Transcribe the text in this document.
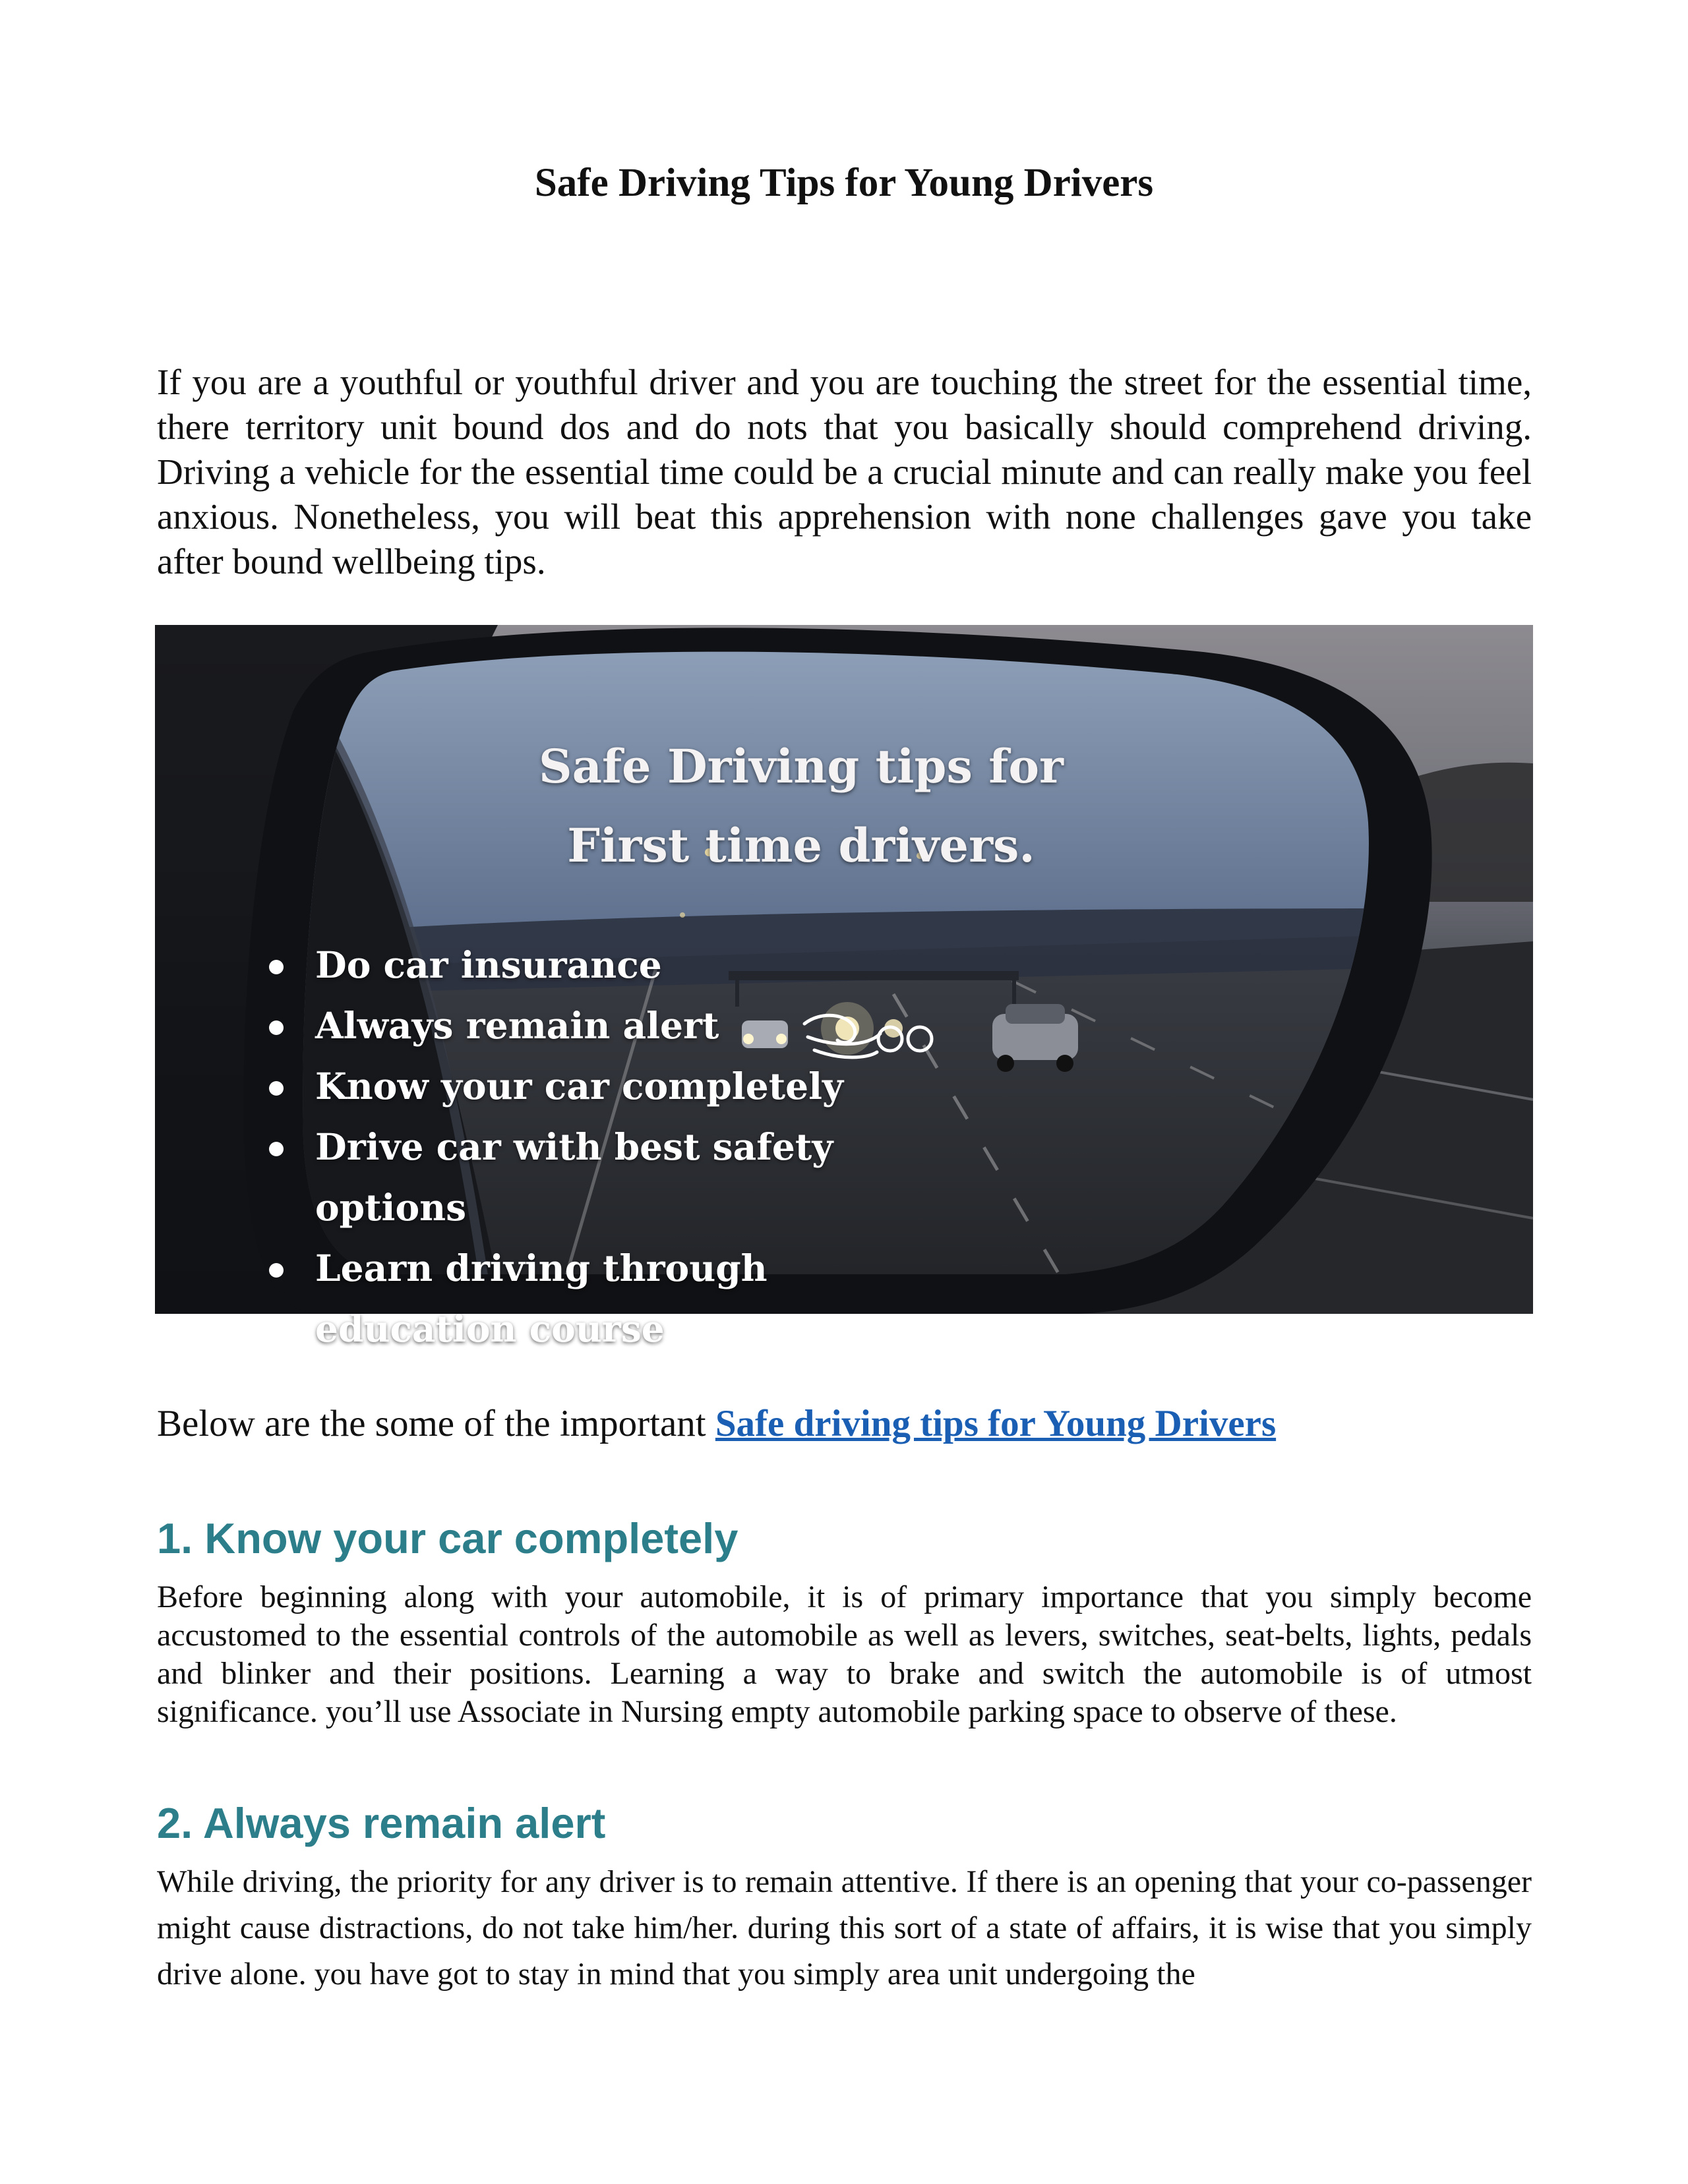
Safe Driving Tips for Young Drivers

If you are a youthful or youthful driver and you are touching the street for the essential time, there territory unit bound dos and do nots that you basically should comprehend driving. Driving a vehicle for the essential time could be a crucial minute and can really make you feel anxious. Nonetheless, you will beat this apprehension with none challenges gave you take after bound wellbeing tips.

Safe Driving tips for First time drivers.
Do car insurance
Always remain alert
Know your car completely
Drive car with best safety options
Learn driving through education course

Below are the some of the important Safe driving tips for Young Drivers

1. Know your car completely

Before beginning along with your automobile, it is of primary importance that you simply become accustomed to the essential controls of the automobile as well as levers, switches, seat-belts, lights, pedals and blinker and their positions. Learning a way to brake and switch the automobile is of utmost significance. you’ll use Associate in Nursing empty automobile parking space to observe of these.

2. Always remain alert

While driving, the priority for any driver is to remain attentive. If there is an opening that your co-passenger might cause distractions, do not take him/her. during this sort of a state of affairs, it is wise that you simply drive alone. you have got to stay in mind that you simply area unit undergoing the
